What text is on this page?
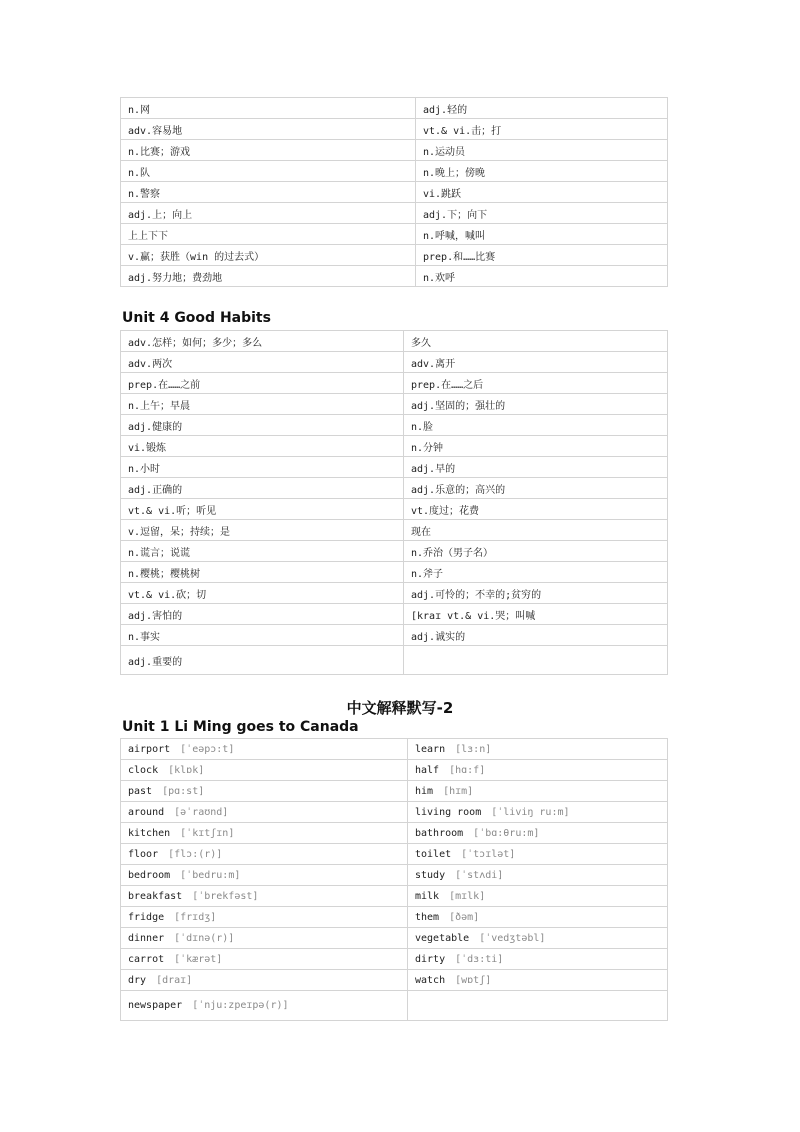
n.网	adj.轻的
adv.容易地	vt.& vi.击；打
n.比赛；游戏	n.运动员
n.队	n.晚上；傍晚
n.警察	vi.跳跃
adj.上；向上	adj.下；向下
上上下下	n.呼喊，喊叫
v.赢；获胜（win 的过去式）	prep.和……比赛
adj.努力地；费劲地	n.欢呼
Unit 4 Good Habits
adv.怎样；如何；多少；多么	多久
adv.两次	adv.离开
prep.在……之前	prep.在……之后
n.上午；早晨	adj.坚固的；强壮的
adj.健康的	n.脸
vi.锻炼	n.分钟
n.小时	adj.早的
adj.正确的	adj.乐意的；高兴的
vt.& vi.听；听见	vt.度过；花费
v.逗留，呆；持续；是	现在
n.谎言；说谎	n.乔治（男子名）
n.樱桃；樱桃树	n.斧子
vt.& vi.砍；切	adj.可怜的；不幸的;贫穷的
adj.害怕的	[kraɪ vt.& vi.哭；叫喊
n.事实	adj.诚实的
adj.重要的	
中文解释默写-2
Unit 1 Li Ming goes to Canada
airport [ˈeəpɔ:t]	learn [lɜ:n]
clock [klɒk]	half [hɑ:f]
past [pɑ:st]	him [hɪm]
around [əˈraʊnd]	living room [ˈliviŋ ru:m]
kitchen [ˈkɪtʃɪn]	bathroom [ˈbɑ:θru:m]
floor [flɔ:(r)]	toilet [ˈtɔɪlət]
bedroom [ˈbedru:m]	study [ˈstʌdi]
breakfast [ˈbrekfəst]	milk [mɪlk]
fridge [frɪdʒ]	them [ðəm]
dinner [ˈdɪnə(r)]	vegetable [ˈvedʒtəbl]
carrot [ˈkærət]	dirty [ˈdɜ:ti]
dry [draɪ]	watch [wɒtʃ]
newspaper [ˈnju:zpeɪpə(r)]	
